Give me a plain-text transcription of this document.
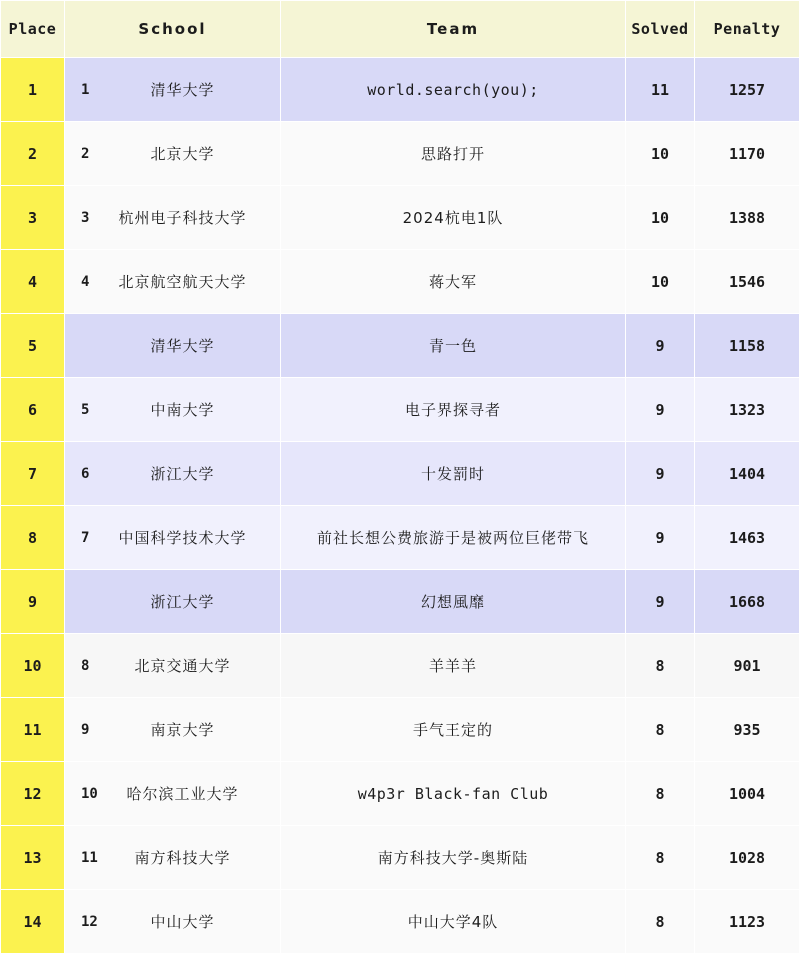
Place	School	Team	Solved	Penalty
1	1 清华大学	world.search(you);	11	1257
2	2 北京大学	思路打开	10	1170
3	3 杭州电子科技大学	2024杭电1队	10	1388
4	4 北京航空航天大学	蒋大军	10	1546
5	清华大学	青一色	9	1158
6	5 中南大学	电子界探寻者	9	1323
7	6 浙江大学	十发罰时	9	1404
8	7 中国科学技术大学	前社长想公费旅游于是被两位巨佬带飞	9	1463
9	浙江大学	幻想風靡	9	1668
10	8 北京交通大学	羊羊羊	8	901
11	9 南京大学	手气王定的	8	935
12	10 哈尔滨工业大学	w4p3r Black-fan Club	8	1004
13	11 南方科技大学	南方科技大学-奥斯陆	8	1028
14	12 中山大学	中山大学4队	8	1123
